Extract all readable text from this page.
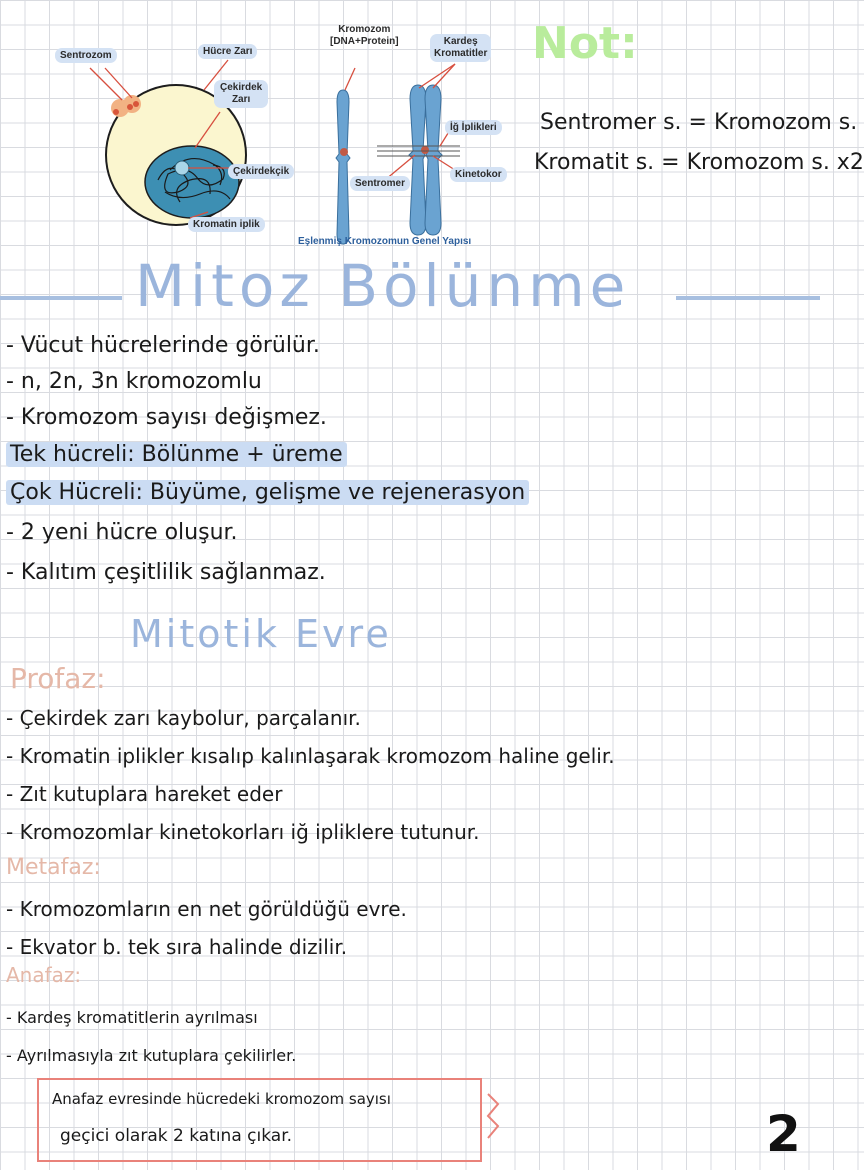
Sentrozom	Hücre Zarı
Çekirdek
Zarı
Çekirdekçik
Kromatin iplik
Kromozom
[DNA+Protein]	Kardeş
Kromatitler
İğ İplikleri
Sentromer
Kinetokor
Eşlenmiş Kromozomun Genel Yapısı
Not:
Sentromer s. = Kromozom s.
Kromatit s. = Kromozom s. x2
Mitoz Bölünme
- Vücut hücrelerinde görülür.
- n, 2n, 3n kromozomlu
- Kromozom sayısı değişmez.
Tek hücreli: Bölünme + üreme
Çok Hücreli: Büyüme, gelişme ve rejenerasyon
- 2 yeni hücre oluşur.
- Kalıtım çeşitlilik sağlanmaz.
Mitotik Evre
Profaz:
- Çekirdek zarı kaybolur, parçalanır.
- Kromatin iplikler kısalıp kalınlaşarak kromozom haline gelir.
- Zıt kutuplara hareket eder
- Kromozomlar kinetokorları iğ ipliklere tutunur.
Metafaz:
- Kromozomların en net görüldüğü evre.
- Ekvator b. tek sıra halinde dizilir.
Anafaz:
- Kardeş kromatitlerin ayrılması
- Ayrılmasıyla zıt kutuplara çekilirler.
Anafaz evresinde hücredeki kromozom sayısı
geçici olarak 2 katına çıkar.	2
